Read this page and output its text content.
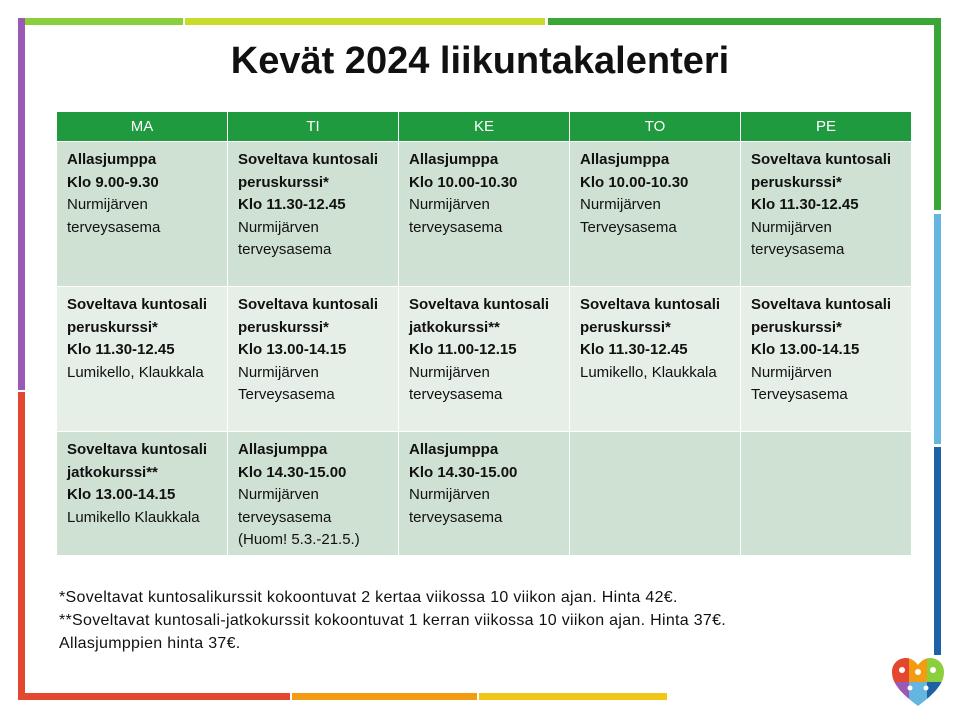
Kevät 2024 liikuntakalenteri
MA	TI	KE	TO	PE

Allasjumppa
Klo 9.00-9.30
Nurmijärven terveysasema	Soveltava kuntosali peruskurssi*
Klo 11.30-12.45
Nurmijärven terveysasema	Allasjumppa
Klo 10.00-10.30
Nurmijärven terveysasema	Allasjumppa
Klo 10.00-10.30
Nurmijärven Terveysasema	Soveltava kuntosali peruskurssi*
Klo 11.30-12.45
Nurmijärven terveysasema

Soveltava kuntosali peruskurssi*
Klo 11.30-12.45
Lumikello, Klaukkala	Soveltava kuntosali peruskurssi*
Klo 13.00-14.15
Nurmijärven Terveysasema	Soveltava kuntosali jatkokurssi**
Klo 11.00-12.15
Nurmijärven terveysasema	Soveltava kuntosali peruskurssi*
Klo 11.30-12.45
Lumikello, Klaukkala	Soveltava kuntosali peruskurssi*
Klo 13.00-14.15
Nurmijärven Terveysasema

Soveltava kuntosali jatkokurssi**
Klo 13.00-14.15
Lumikello Klaukkala	Allasjumppa
Klo 14.30-15.00
Nurmijärven terveysasema
(Huom! 5.3.-21.5.)	Allasjumppa
Klo 14.30-15.00
Nurmijärven terveysasema		

*Soveltavat kuntosalikurssit kokoontuvat 2 kertaa viikossa 10 viikon ajan. Hinta 42€.
**Soveltavat kuntosali-jatkokurssit kokoontuvat 1 kerran viikossa 10 viikon ajan. Hinta 37€.
Allasjumppien hinta 37€.
